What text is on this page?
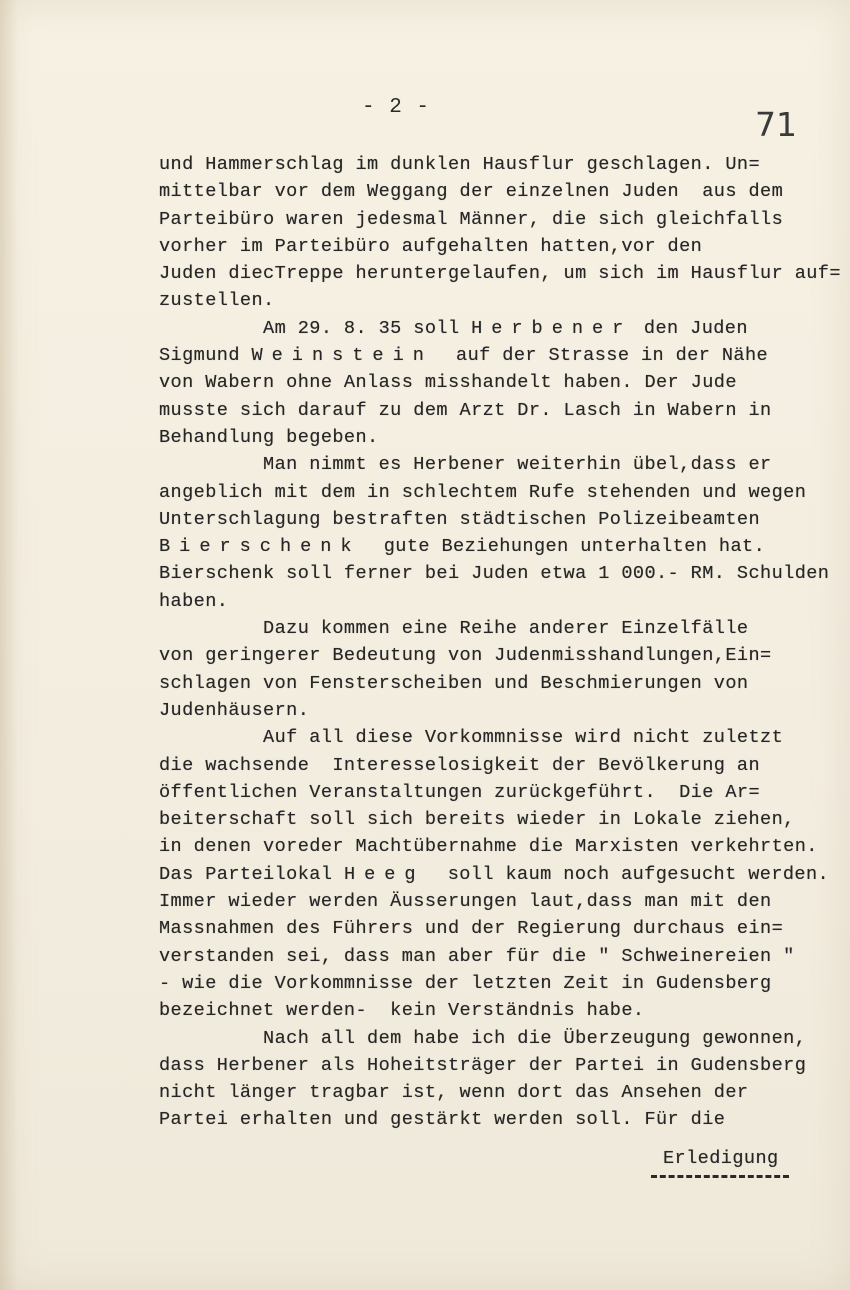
- 2 -	71
und Hammerschlag im dunklen Hausflur geschlagen. Un=
mittelbar vor dem Weggang der einzelnen Juden  aus dem
Parteibüro waren jedesmal Männer, die sich gleichfalls
vorher im Parteibüro aufgehalten hatten,vor den
Juden diecTreppe heruntergelaufen, um sich im Hausflur auf=
zustellen.
Am 29. 8. 35 soll Herbener den Juden
Sigmund Weinstein  auf der Strasse in der Nähe
von Wabern ohne Anlass misshandelt haben. Der Jude
musste sich darauf zu dem Arzt Dr. Lasch in Wabern in
Behandlung begeben.
Man nimmt es Herbener weiterhin übel,dass er
angeblich mit dem in schlechtem Rufe stehenden und wegen
Unterschlagung bestraften städtischen Polizeibeamten
Bierschenk  gute Beziehungen unterhalten hat.
Bierschenk soll ferner bei Juden etwa 1 000.- RM. Schulden
haben.
Dazu kommen eine Reihe anderer Einzelfälle
von geringerer Bedeutung von Judenmisshandlungen,Ein=
schlagen von Fensterscheiben und Beschmierungen von
Judenhäusern.
Auf all diese Vorkommnisse wird nicht zuletzt
die wachsende  Interesselosigkeit der Bevölkerung an
öffentlichen Veranstaltungen zurückgeführt.  Die Ar=
beiterschaft soll sich bereits wieder in Lokale ziehen,
in denen voreder Machtübernahme die Marxisten verkehrten.
Das Parteilokal Heeg  soll kaum noch aufgesucht werden.
Immer wieder werden Äusserungen laut,dass man mit den
Massnahmen des Führers und der Regierung durchaus ein=
verstanden sei, dass man aber für die " Schweinereien "
- wie die Vorkommnisse der letzten Zeit in Gudensberg
bezeichnet werden-  kein Verständnis habe.
Nach all dem habe ich die Überzeugung gewonnen,
dass Herbener als Hoheitsträger der Partei in Gudensberg
nicht länger tragbar ist, wenn dort das Ansehen der
Partei erhalten und gestärkt werden soll. Für die
Erledigung
